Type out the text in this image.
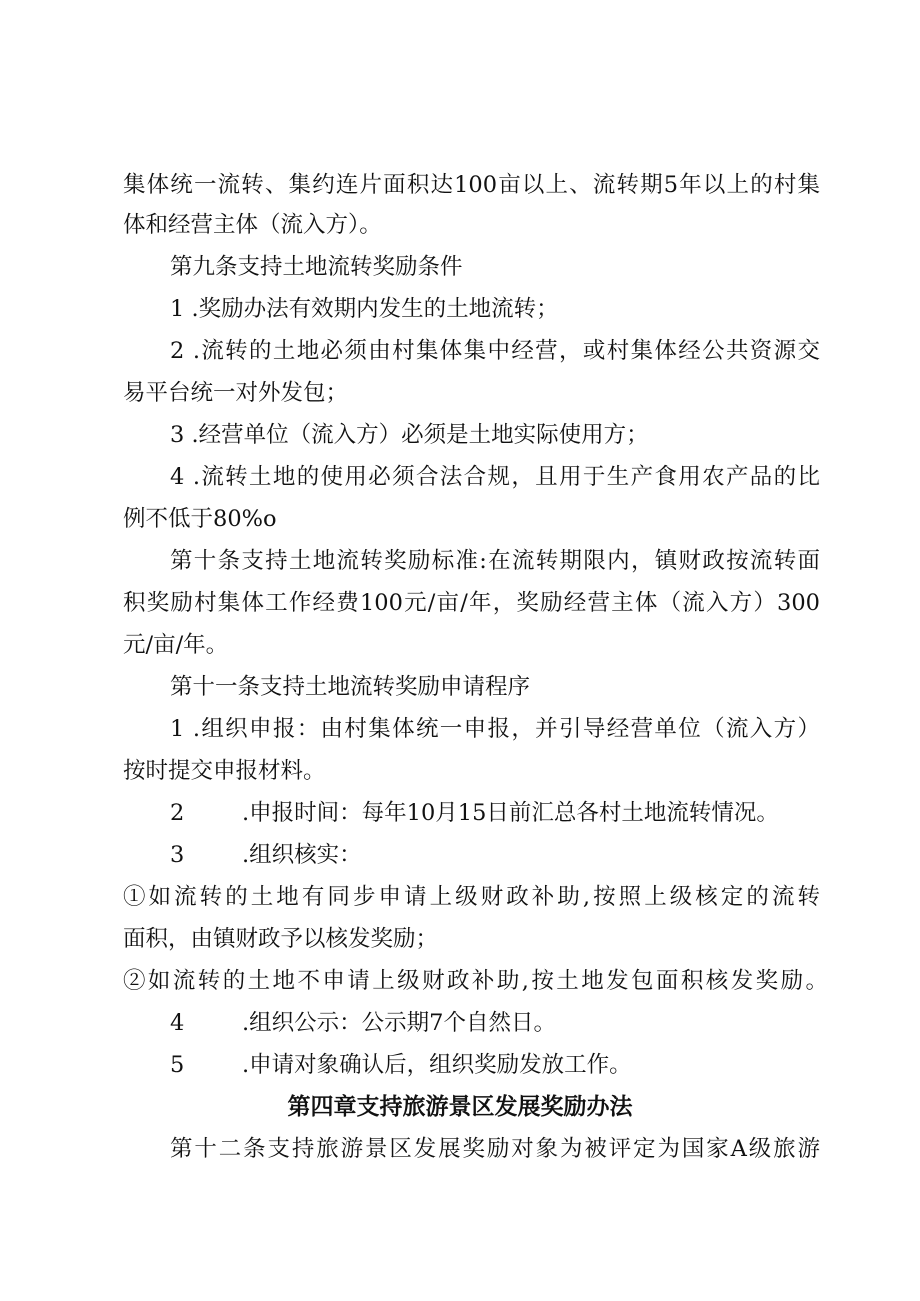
集体统一流转、集约连片面积达100亩以上、流转期5年以上的村集
体和经营主体（流入方）。
第九条支持土地流转奖励条件
1 .奖励办法有效期内发生的土地流转；
2 .流转的土地必须由村集体集中经营，或村集体经公共资源交
易平台统一对外发包；
3 .经营单位（流入方）必须是土地实际使用方；
4 .流转土地的使用必须合法合规，且用于生产食用农产品的比
例不低于80%o
第十条支持土地流转奖励标准:在流转期限内，镇财政按流转面
积奖励村集体工作经费100元/亩/年，奖励经营主体（流入方）300
元/亩/年。
第十一条支持土地流转奖励申请程序
1 .组织申报：由村集体统一申报，并引导经营单位（流入方）
按时提交申报材料。
2	.申报时间：每年10月15日前汇总各村土地流转情况。
3	.组织核实：
①如流转的土地有同步申请上级财政补助,按照上级核定的流转
面积，由镇财政予以核发奖励；
②如流转的土地不申请上级财政补助,按土地发包面积核发奖励。
4	.组织公示：公示期7个自然日。
5	.申请对象确认后，组织奖励发放工作。
第四章支持旅游景区发展奖励办法
第十二条支持旅游景区发展奖励对象为被评定为国家A级旅游
